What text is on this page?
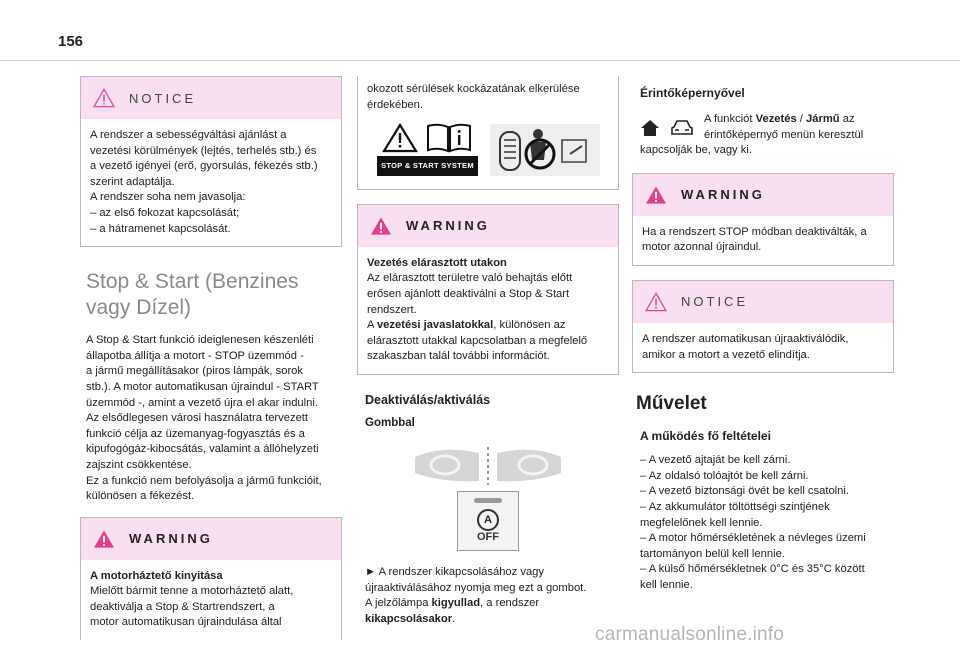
156
NOTICE

A rendszer a sebességváltási ajánlást a

vezetési körülmények (lejtés, terhelés stb.) és

a vezető igényei (erő, gyorsulás, fékezés stb.)

szerint adaptálja.

A rendszer soha nem javasolja:

– az első fokozat kapcsolását;

– a hátramenet kapcsolását.

Stop & Start (Benzines
vagy Dízel)

A Stop & Start funkció ideiglenesen készenléti

állapotba állítja a motort - STOP üzemmód -

a jármű megállításakor (piros lámpák, sorok

stb.). A motor automatikusan újraindul - START

üzemmód -, amint a vezető újra el akar indulni.

Az elsődlegesen városi használatra tervezett

funkció célja az üzemanyag-fogyasztás és a

kipufogógáz-kibocsátás, valamint a állóhelyzeti

zajszint csökkentése.

Ez a funkció nem befolyásolja a jármű funkcióit,

különösen a fékezést.

WARNING

A motorháztető kinyitása

Mielőtt bármit tenne a motorháztető alatt,

deaktiválja a Stop & Startrendszert, a

motor automatikusan újraindulása által

okozott sérülések kockázatának elkerülése

érdekében.

STOP & START SYSTEM
WARNING

Vezetés elárasztott utakon

Az elárasztott területre való behajtás előtt

erősen ajánlott deaktiválni a Stop & Start

rendszert.

A vezetési javaslatokkal, különösen az

elárasztott utakkal kapcsolatban a megfelelő

szakaszban talál további információt.

Deaktiválás/aktiválás
Gombbal
A
OFF

► A rendszer kikapcsolásához vagy

újraaktiválásához nyomja meg ezt a gombot.

A jelzőlámpa kigyullad, a rendszer

kikapcsolásakor.

Érintőképernyővel

A funkciót Vezetés / Jármű az

érintőképernyő menün keresztül

kapcsolják be, vagy ki.

WARNING

Ha a rendszert STOP módban deaktiválták, a

motor azonnal újraindul.

NOTICE

A rendszer automatikusan újraaktiválódik,

amikor a motort a vezető elindítja.

Művelet
A működés fő feltételei

– A vezető ajtaját be kell zárni.

– Az oldalsó tolóajtót be kell zárni.

– A vezető biztonsági övét be kell csatolni.

– Az akkumulátor töltöttségi szintjének

megfelelőnek kell lennie.

– A motor hőmérsékletének a névleges üzemi

tartományon belül kell lennie.

– A külső hőmérsékletnek 0°C és 35°C között

kell lennie.

carmanualsonline.info
